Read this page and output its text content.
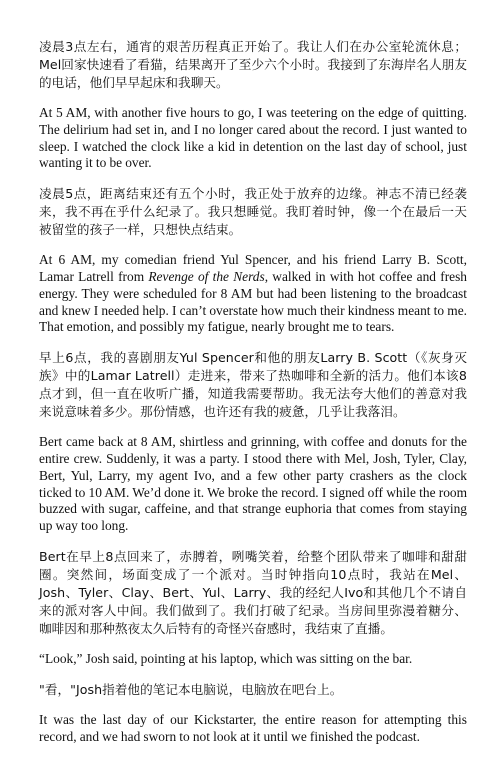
凌晨3点左右，通宵的艰苦历程真正开始了。我让人们在办公室轮流休息；Mel回家快速看了看猫，结果离开了至少六个小时。我接到了东海岸名人朋友的电话，他们早早起床和我聊天。

At 5 AM, with another five hours to go, I was teetering on the edge of quitting. The delirium had set in, and I no longer cared about the record. I just wanted to sleep. I watched the clock like a kid in detention on the last day of school, just wanting it to be over.

凌晨5点，距离结束还有五个小时，我正处于放弃的边缘。神志不清已经袭来，我不再在乎什么纪录了。我只想睡觉。我盯着时钟，像一个在最后一天被留堂的孩子一样，只想快点结束。

At 6 AM, my comedian friend Yul Spencer, and his friend Larry B. Scott, Lamar Latrell from Revenge of the Nerds, walked in with hot coffee and fresh energy. They were scheduled for 8 AM but had been listening to the broadcast and knew I needed help. I can’t overstate how much their kindness meant to me. That emotion, and possibly my fatigue, nearly brought me to tears.

早上6点，我的喜剧朋友Yul Spencer和他的朋友Larry B. Scott（《灰身灭族》中的Lamar Latrell）走进来，带来了热咖啡和全新的活力。他们本该8点才到，但一直在收听广播，知道我需要帮助。我无法夸大他们的善意对我来说意味着多少。那份情感，也许还有我的疲惫，几乎让我落泪。

Bert came back at 8 AM, shirtless and grinning, with coffee and donuts for the entire crew. Suddenly, it was a party. I stood there with Mel, Josh, Tyler, Clay, Bert, Yul, Larry, my agent Ivo, and a few other party crashers as the clock ticked to 10 AM. We’d done it. We broke the record. I signed off while the room buzzed with sugar, caffeine, and that strange euphoria that comes from staying up way too long.

Bert在早上8点回来了，赤膊着，咧嘴笑着，给整个团队带来了咖啡和甜甜圈。突然间，场面变成了一个派对。当时钟指向10点时，我站在Mel、Josh、Tyler、Clay、Bert、Yul、Larry、我的经纪人Ivo和其他几个不请自来的派对客人中间。我们做到了。我们打破了纪录。当房间里弥漫着糖分、咖啡因和那种熬夜太久后特有的奇怪兴奋感时，我结束了直播。

“Look,” Josh said, pointing at his laptop, which was sitting on the bar.

"看，"Josh指着他的笔记本电脑说，电脑放在吧台上。

It was the last day of our Kickstarter, the entire reason for attempting this record, and we had sworn to not look at it until we finished the podcast.
